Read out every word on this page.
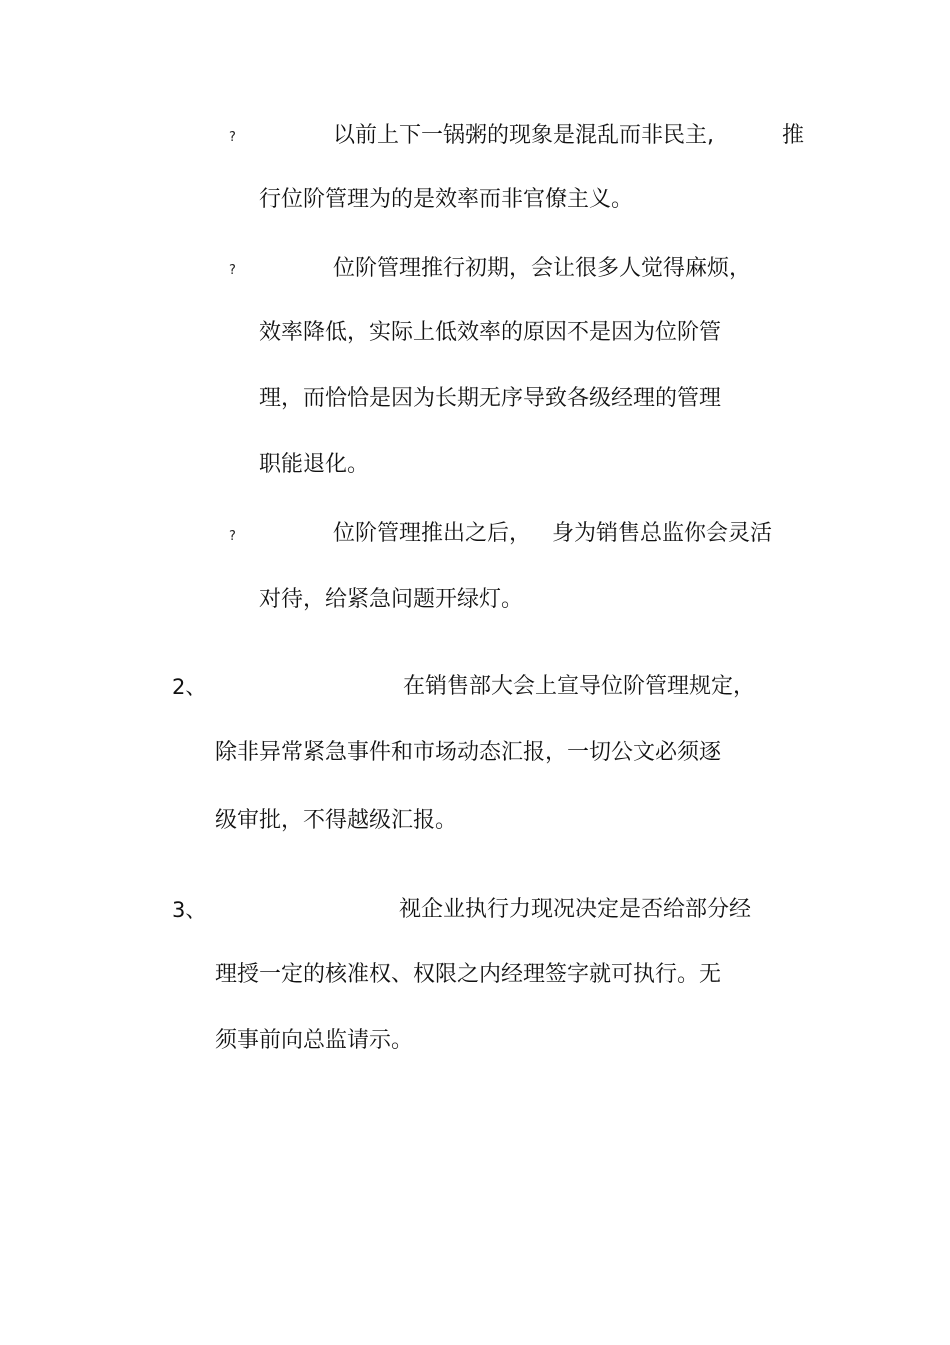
?	以前上下一锅粥的现象是混乱而非民主,	推
行位阶管理为的是效率而非官僚主义。
?	位阶管理推行初期，会让很多人觉得麻烦，
效率降低，实际上低效率的原因不是因为位阶管
理，而恰恰是因为长期无序导致各级经理的管理
职能退化。
?	位阶管理推出之后， 身为销售总监你会灵活
对待，给紧急问题开绿灯。
2、	在销售部大会上宣导位阶管理规定，
除非异常紧急事件和市场动态汇报，一切公文必须逐
级审批，不得越级汇报。
3、	视企业执行力现况决定是否给部分经
理授一定的核准权、权限之内经理签字就可执行。无
须事前向总监请示。
